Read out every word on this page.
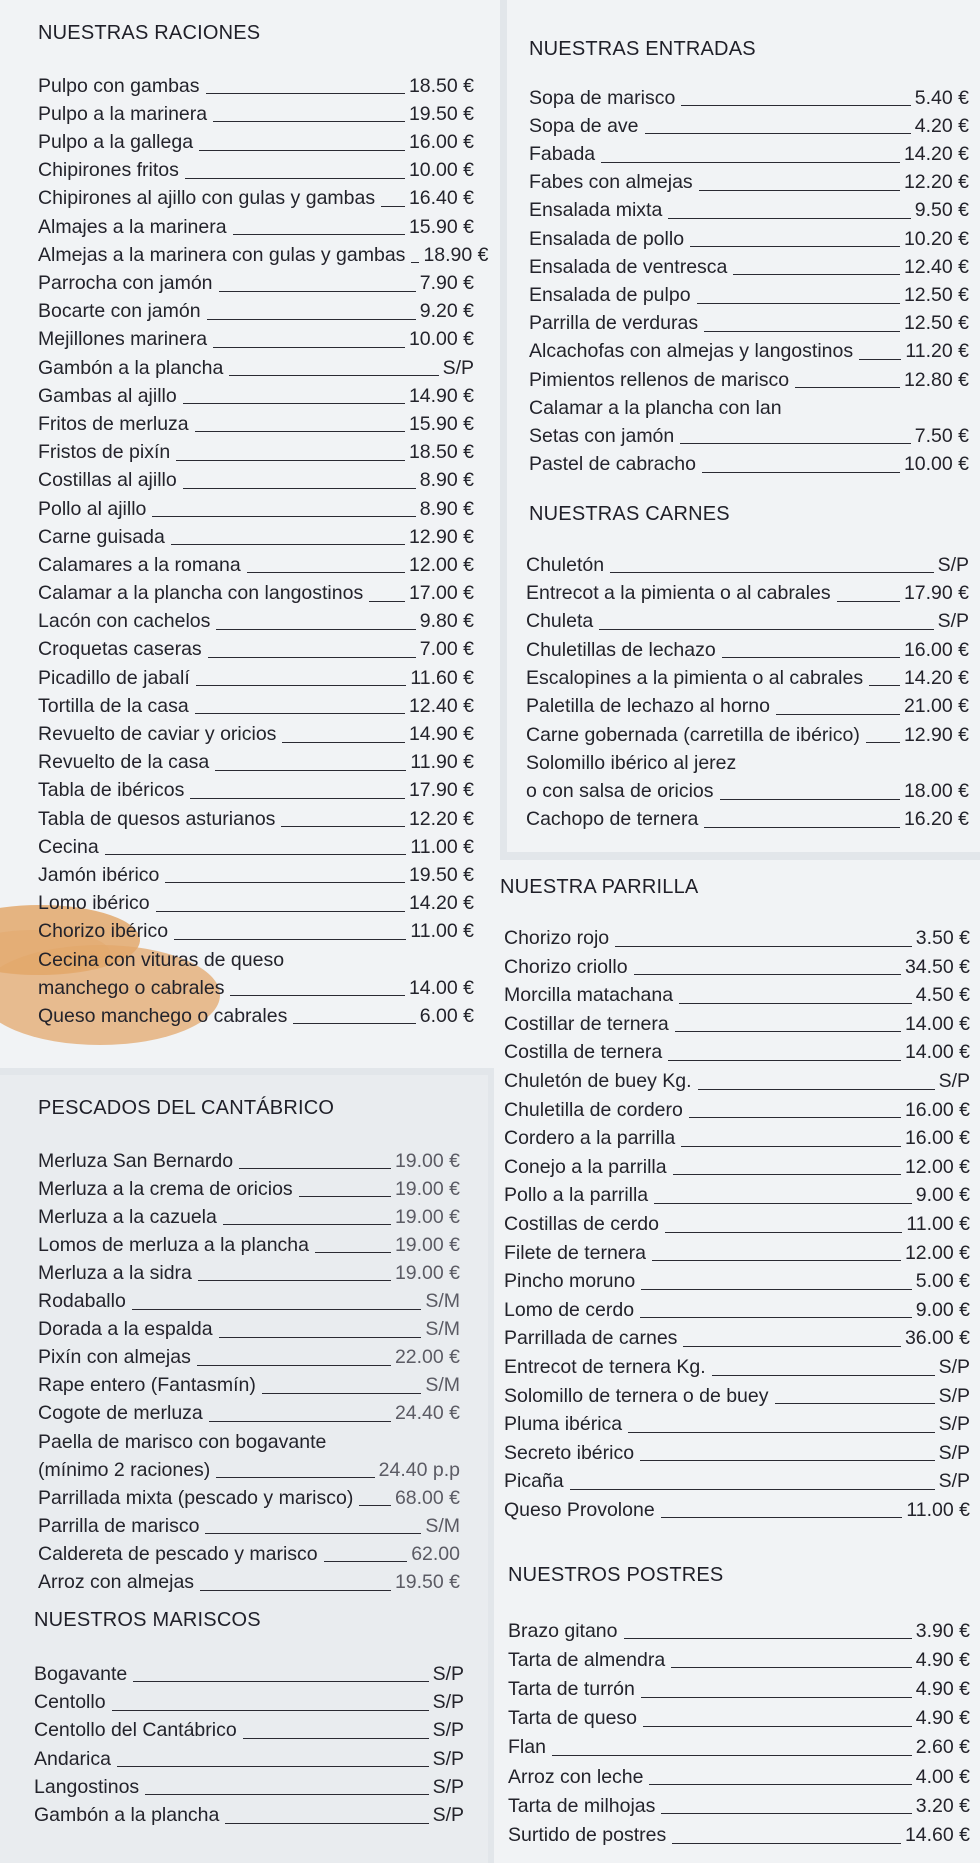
NUESTRAS RACIONES
Pulpo con gambas	18.50 €
Pulpo a la marinera	19.50 €
Pulpo a la gallega	16.00 €
Chipirones fritos	10.00 €
Chipirones al ajillo con gulas y gambas 16.40 €
Almajes a la marinera	15.90 €
Almejas a la marinera con gulas y gambas 18.90 €
Parrocha con jamón	7.90 €
Bocarte con jamón	9.20 €
Mejillones marinera	10.00 €
Gambón a la plancha	S/P
Gambas al ajillo	14.90 €
Fritos de merluza	15.90 €
Fristos de pixín	18.50 €
Costillas al ajillo	8.90 €
Pollo al ajillo	8.90 €
Carne guisada	12.90 €
Calamares a la romana	12.00 €
Calamar a la plancha con langostinos 17.00 €
Lacón con cachelos	9.80 €
Croquetas caseras	7.00 €
Picadillo de jabalí	11.60 €
Tortilla de la casa	12.40 €
Revuelto de caviar y oricios	14.90 €
Revuelto de la casa	11.90 €
Tabla de ibéricos	17.90 €
Tabla de quesos asturianos	12.20 €
Cecina	11.00 €
Jamón ibérico	19.50 €
Lomo ibérico	14.20 €
Chorizo ibérico	11.00 €
Cecina con vituras de queso
manchego o cabrales	14.00 €
Queso manchego o cabrales	6.00 €
NUESTRAS ENTRADAS
Sopa de marisco	5.40 €
Sopa de ave	4.20 €
Fabada	14.20 €
Fabes con almejas	12.20 €
Ensalada mixta	9.50 €
Ensalada de pollo	10.20 €
Ensalada de ventresca	12.40 €
Ensalada de pulpo	12.50 €
Parrilla de verduras	12.50 €
Alcachofas con almejas y langostinos	11.20 €
Pimientos rellenos de marisco	12.80 €
Calamar a la plancha con lan
Setas con jamón	7.50 €
Pastel de cabracho	10.00 €
NUESTRAS CARNES
Chuletón	S/P
Entrecot a la pimienta o al cabrales	17.90 €
Chuleta	S/P
Chuletillas de lechazo	16.00 €
Escalopines a la pimienta o al cabrales 14.20 €
Paletilla de lechazo al horno	21.00 €
Carne gobernada (carretilla de ibérico) 12.90 €
Solomillo ibérico al jerez
o con salsa de oricios	18.00 €
Cachopo de ternera	16.20 €
PESCADOS DEL CANTÁBRICO
Merluza San Bernardo	19.00 €
Merluza a la crema de oricios	19.00 €
Merluza a la cazuela	19.00 €
Lomos de merluza a la plancha	19.00 €
Merluza a la sidra	19.00 €
Rodaballo	S/M
Dorada a la espalda	S/M
Pixín con almejas	22.00 €
Rape entero (Fantasmín)	S/M
Cogote de merluza	24.40 €
Paella de marisco con bogavante
(mínimo 2 raciones)	24.40 p.p
Parrillada mixta (pescado y marisco) 68.00 €
Parrilla de marisco	S/M
Caldereta de pescado y marisco	62.00
Arroz con almejas	19.50 €
NUESTROS MARISCOS
Bogavante	S/P
Centollo	S/P
Centollo del Cantábrico	S/P
Andarica	S/P
Langostinos	S/P
Gambón a la plancha	S/P
NUESTRA PARRILLA
Chorizo rojo	3.50 €
Chorizo criollo	34.50 €
Morcilla matachana	4.50 €
Costillar de ternera	14.00 €
Costilla de ternera	14.00 €
Chuletón de buey Kg.	S/P
Chuletilla de cordero	16.00 €
Cordero a la parrilla	16.00 €
Conejo a la parrilla	12.00 €
Pollo a la parrilla	9.00 €
Costillas de cerdo	11.00 €
Filete de ternera	12.00 €
Pincho moruno	5.00 €
Lomo de cerdo	9.00 €
Parrillada de carnes	36.00 €
Entrecot de ternera Kg.	S/P
Solomillo de ternera o de buey	S/P
Pluma ibérica	S/P
Secreto ibérico	S/P
Picaña	S/P
Queso Provolone	11.00 €
NUESTROS POSTRES
Brazo gitano	3.90 €
Tarta de almendra	4.90 €
Tarta de turrón	4.90 €
Tarta de queso	4.90 €
Flan	2.60 €
Arroz con leche	4.00 €
Tarta de milhojas	3.20 €
Surtido de postres	14.60 €
